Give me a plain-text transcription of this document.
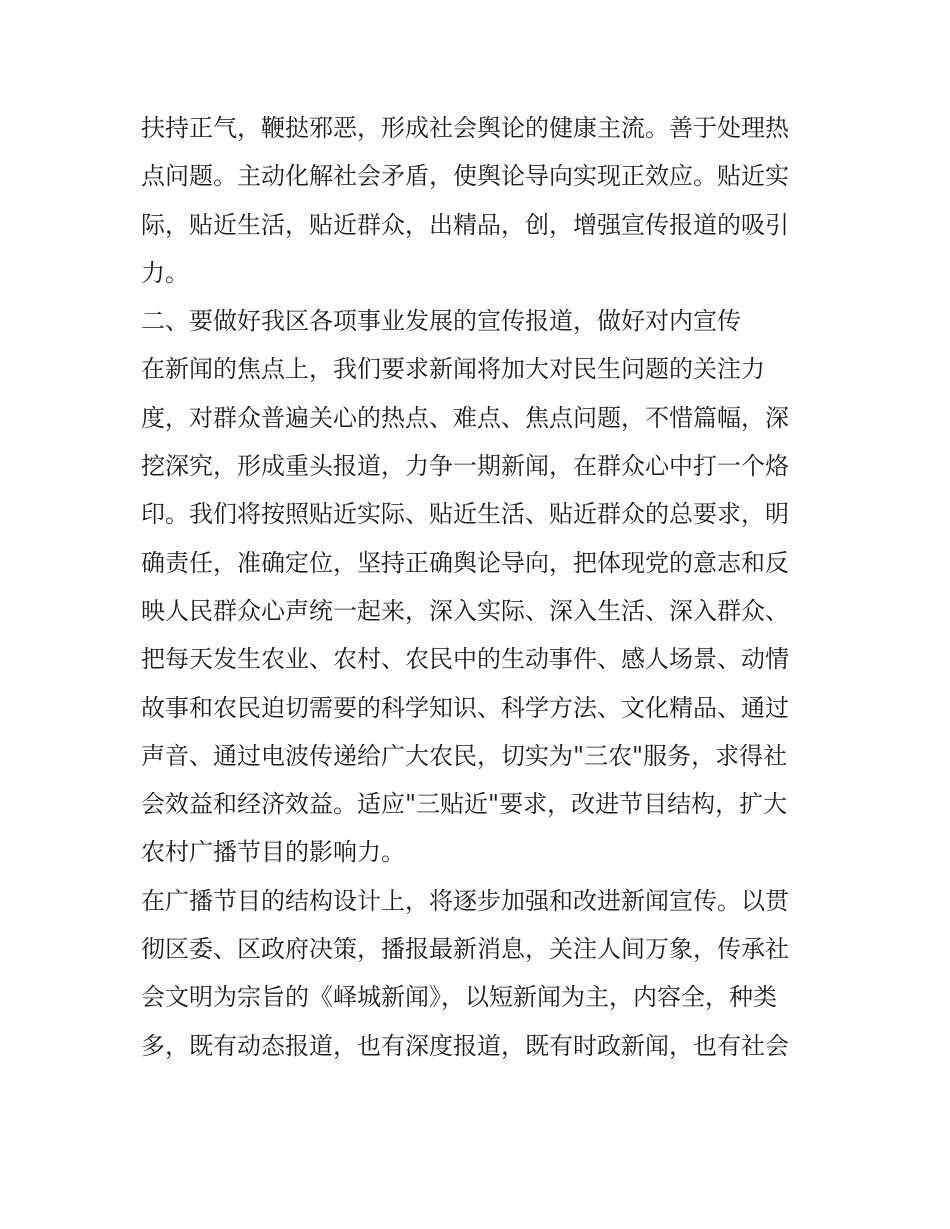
扶持正气，鞭挞邪恶，形成社会舆论的健康主流。善于处理热
点问题。主动化解社会矛盾，使舆论导向实现正效应。贴近实
际，贴近生活，贴近群众，出精品，创，增强宣传报道的吸引
力。
二、要做好我区各项事业发展的宣传报道，做好对内宣传
在新闻的焦点上，我们要求新闻将加大对民生问题的关注力
度，对群众普遍关心的热点、难点、焦点问题，不惜篇幅，深
挖深究，形成重头报道，力争一期新闻，在群众心中打一个烙
印。我们将按照贴近实际、贴近生活、贴近群众的总要求，明
确责任，准确定位，坚持正确舆论导向，把体现党的意志和反
映人民群众心声统一起来，深入实际、深入生活、深入群众、
把每天发生农业、农村、农民中的生动事件、感人场景、动情
故事和农民迫切需要的科学知识、科学方法、文化精品、通过
声音、通过电波传递给广大农民，切实为"三农"服务，求得社
会效益和经济效益。适应"三贴近"要求，改进节目结构，扩大
农村广播节目的影响力。
在广播节目的结构设计上，将逐步加强和改进新闻宣传。以贯
彻区委、区政府决策，播报最新消息，关注人间万象，传承社
会文明为宗旨的《峄城新闻》，以短新闻为主，内容全，种类
多，既有动态报道，也有深度报道，既有时政新闻，也有社会
